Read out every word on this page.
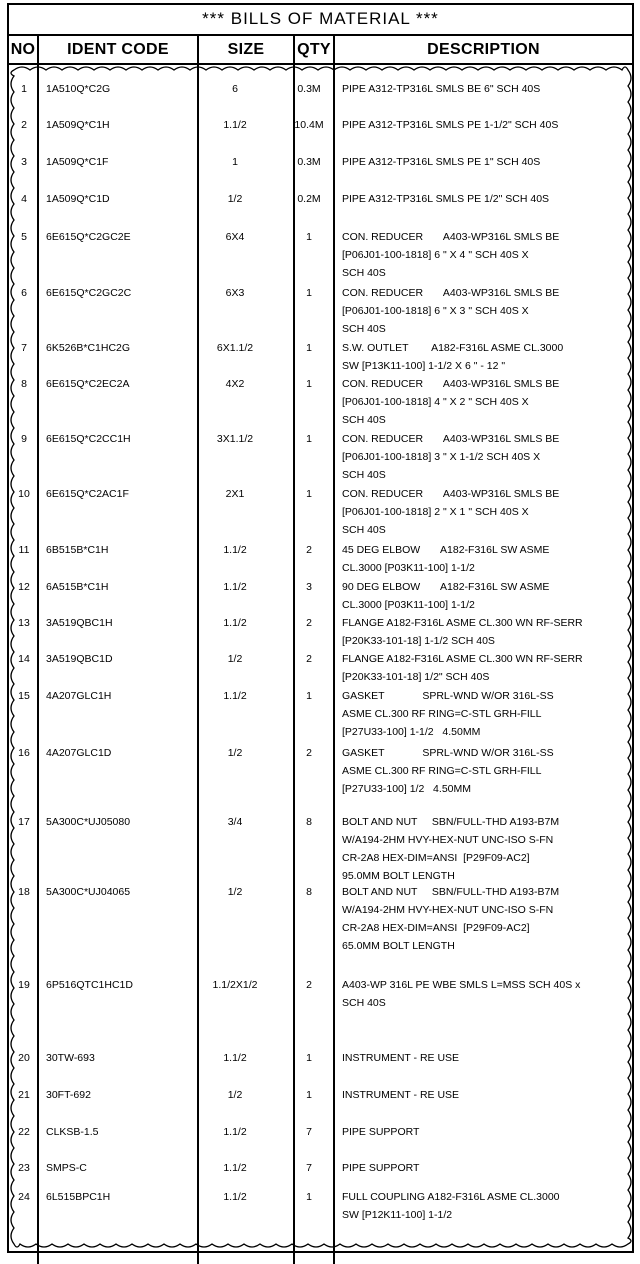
*** BILLS OF MATERIAL ***
NO	IDENT CODE	SIZE	QTY	DESCRIPTION
1	1A510Q*C2G	6	0.3M	PIPE A312-TP316L SMLS BE 6" SCH 40S
2	1A509Q*C1H	1.1/2	10.4M PIPE A312-TP316L SMLS PE 1-1/2" SCH 40S
3	1A509Q*C1F	1	0.3M	PIPE A312-TP316L SMLS PE 1" SCH 40S
4	1A509Q*C1D	1/2	0.2M	PIPE A312-TP316L SMLS PE 1/2" SCH 40S
5	6E615Q*C2GC2E	6X4	1	CON. REDUCER       A403-WP316L SMLS BE
[P06J01-100-1818] 6 " X 4 " SCH 40S X
SCH 40S
6	6E615Q*C2GC2C	6X3	1	CON. REDUCER       A403-WP316L SMLS BE
[P06J01-100-1818] 6 " X 3 " SCH 40S X
SCH 40S
7	6K526B*C1HC2G	6X1.1/2	1	S.W. OUTLET        A182-F316L ASME CL.3000
SW [P13K11-100] 1-1/2 X 6 " - 12 "
8	6E615Q*C2EC2A	4X2	1	CON. REDUCER       A403-WP316L SMLS BE
[P06J01-100-1818] 4 " X 2 " SCH 40S X
SCH 40S
9	6E615Q*C2CC1H	3X1.1/2	1	CON. REDUCER       A403-WP316L SMLS BE
[P06J01-100-1818] 3 " X 1-1/2 SCH 40S X
SCH 40S
10	6E615Q*C2AC1F	2X1	1	CON. REDUCER       A403-WP316L SMLS BE
[P06J01-100-1818] 2 " X 1 " SCH 40S X
SCH 40S
11	6B515B*C1H	1.1/2	2	45 DEG ELBOW       A182-F316L SW ASME
CL.3000 [P03K11-100] 1-1/2
12	6A515B*C1H	1.1/2	3	90 DEG ELBOW       A182-F316L SW ASME
CL.3000 [P03K11-100] 1-1/2
13	3A519QBC1H	1.1/2	2	FLANGE A182-F316L ASME CL.300 WN RF-SERR
[P20K33-101-18] 1-1/2 SCH 40S
14	3A519QBC1D	1/2	2	FLANGE A182-F316L ASME CL.300 WN RF-SERR
[P20K33-101-18] 1/2" SCH 40S
15	4A207GLC1H	1.1/2	1	GASKET             SPRL-WND W/OR 316L-SS
ASME CL.300 RF RING=C-STL GRH-FILL
[P27U33-100] 1-1/2   4.50MM
16	4A207GLC1D	1/2	2	GASKET             SPRL-WND W/OR 316L-SS
ASME CL.300 RF RING=C-STL GRH-FILL
[P27U33-100] 1/2   4.50MM
17	5A300C*UJ05080	3/4	8	BOLT AND NUT     SBN/FULL-THD A193-B7M
W/A194-2HM HVY-HEX-NUT UNC-ISO S-FN
CR-2A8 HEX-DIM=ANSI  [P29F09-AC2]
95.0MM BOLT LENGTH
18	5A300C*UJ04065	1/2	8	BOLT AND NUT     SBN/FULL-THD A193-B7M
W/A194-2HM HVY-HEX-NUT UNC-ISO S-FN
CR-2A8 HEX-DIM=ANSI  [P29F09-AC2]
65.0MM BOLT LENGTH
19	6P516QTC1HC1D	1.1/2X1/2	2	A403-WP 316L PE WBE SMLS L=MSS SCH 40S x
SCH 40S
20	30TW-693	1.1/2	1	INSTRUMENT - RE USE
21	30FT-692	1/2	1	INSTRUMENT - RE USE
22	CLKSB-1.5	1.1/2	7	PIPE SUPPORT
23	SMPS-C	1.1/2	7	PIPE SUPPORT
24	6L515BPC1H	1.1/2	1	FULL COUPLING A182-F316L ASME CL.3000
SW [P12K11-100] 1-1/2
